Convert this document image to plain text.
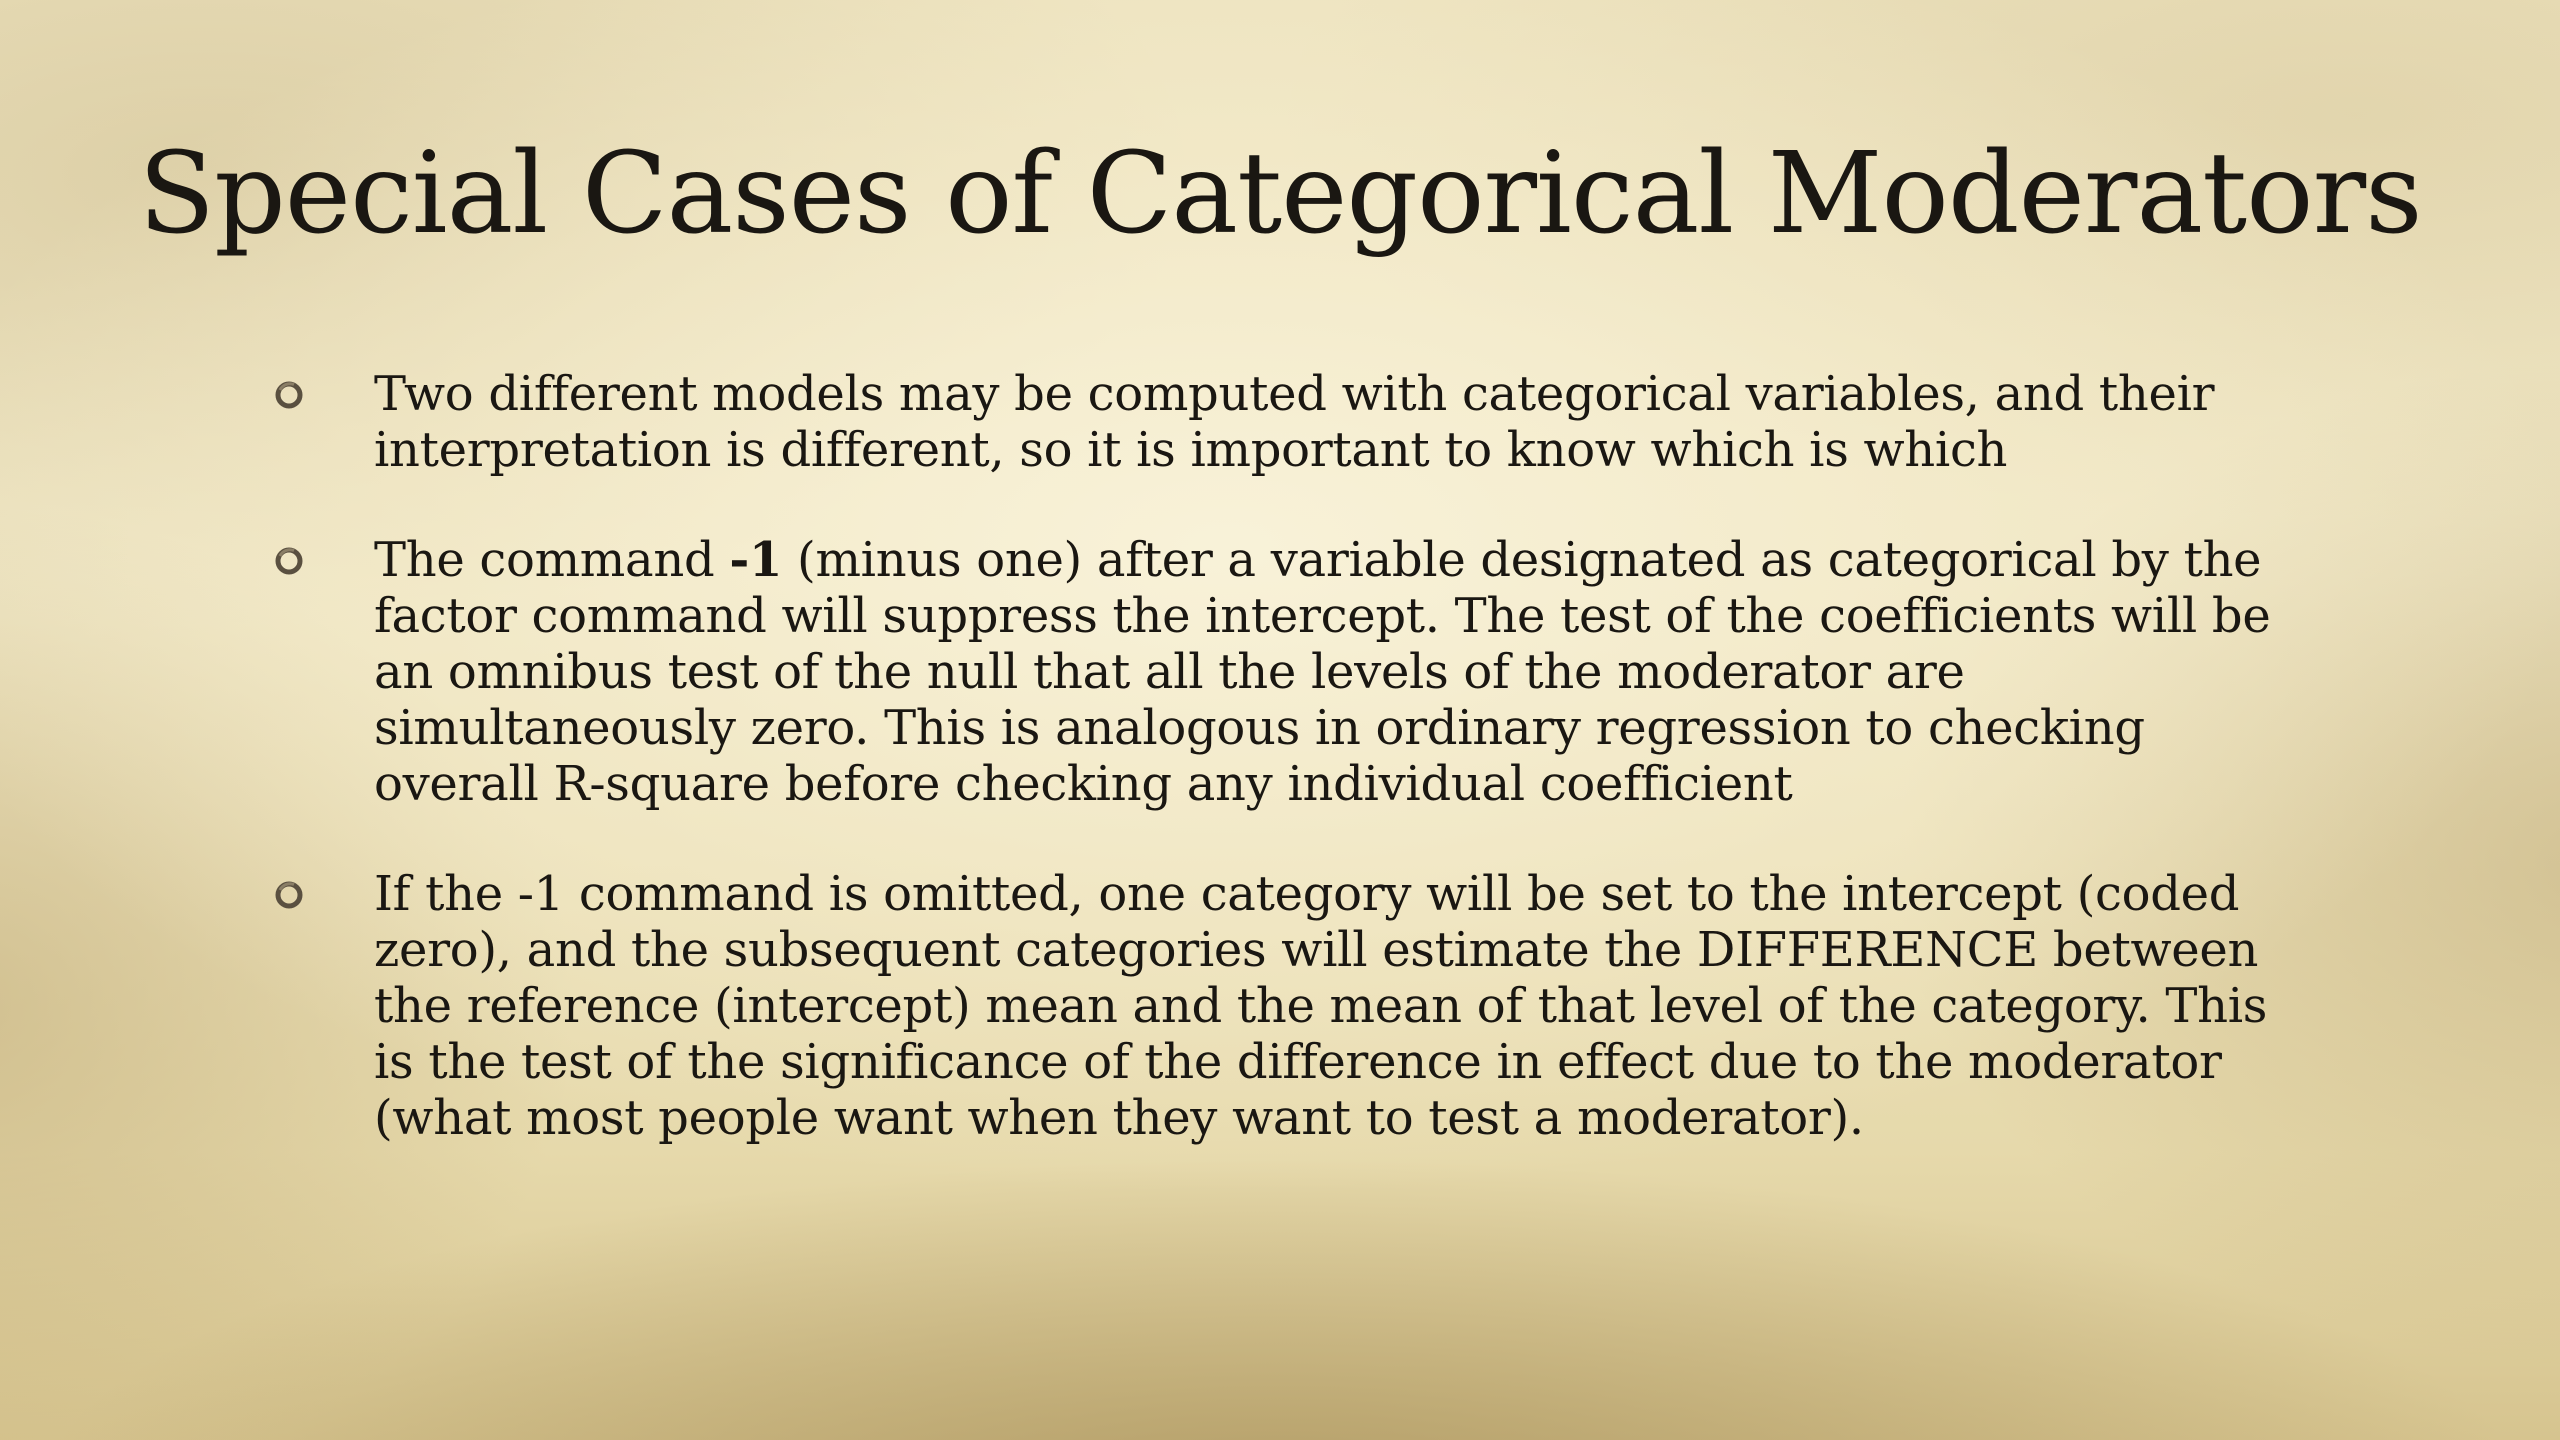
Special Cases of Categorical Moderators
Two different models may be computed with categorical variables, and their interpretation is different, so it is important to know which is which
The command -1 (minus one) after a variable designated as categorical by the factor command will suppress the intercept. The test of the coefficients will be an omnibus test of the null that all the levels of the moderator are simultaneously zero. This is analogous in ordinary regression to checking overall R-square before checking any individual coefficient
If the -1 command is omitted, one category will be set to the intercept (coded zero), and the subsequent categories will estimate the DIFFERENCE between the reference (intercept) mean and the mean of that level of the category. This is the test of the significance of the difference in effect due to the moderator (what most people want when they want to test a moderator).
